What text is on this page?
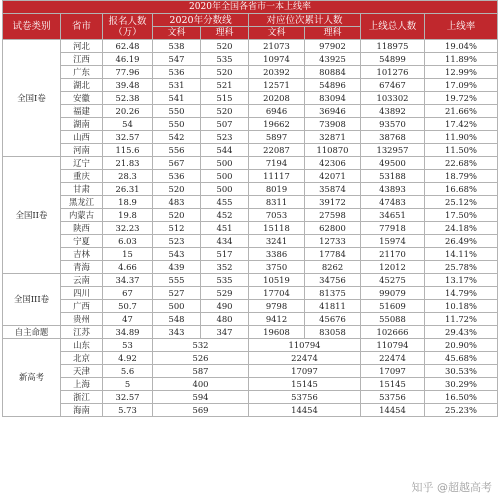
2020年全国各省市一本上线率								
试卷类别	省市	报名人数（万）	2020年分数线		对应位次累计人数		上线总人数	上线率
			文科	理科	文科	理科		
全国I卷	河北	62.48	538	520	21073	97902	118975	19.04%
	江西	46.19	547	535	10974	43925	54899	11.89%
	广东	77.96	536	520	20392	80884	101276	12.99%
	湖北	39.48	531	521	12571	54896	67467	17.09%
	安徽	52.38	541	515	20208	83094	103302	19.72%
	福建	20.26	550	520	6946	36946	43892	21.66%
	湖南	54	550	507	19662	73908	93570	17.42%
	山西	32.57	542	523	5897	32871	38768	11.90%
	河南	115.6	556	544	22087	110870	132957	11.50%
全国II卷	辽宁	21.83	567	500	7194	42306	49500	22.68%
	重庆	28.3	536	500	11117	42071	53188	18.79%
	甘肃	26.31	520	500	8019	35874	43893	16.68%
	黑龙江	18.9	483	455	8311	39172	47483	25.12%
	内蒙古	19.8	520	452	7053	27598	34651	17.50%
	陕西	32.23	512	451	15118	62800	77918	24.18%
	宁夏	6.03	523	434	3241	12733	15974	26.49%
	吉林	15	543	517	3386	17784	21170	14.11%
	青海	4.66	439	352	3750	8262	12012	25.78%
全国III卷	云南	34.37	555	535	10519	34756	45275	13.17%
	四川	67	527	529	17704	81375	99079	14.79%
	广西	50.7	500	490	9798	41811	51609	10.18%
	贵州	47	548	480	9412	45676	55088	11.72%
自主命题	江苏	34.89	343	347	19608	83058	102666	29.43%
新高考	山东	53	532		110794		110794	20.90%
	北京	4.92	526		22474		22474	45.68%
	天津	5.6	587		17097		17097	30.53%
	上海	5	400		15145		15145	30.29%
	浙江	32.57	594		53756		53756	16.50%
	海南	5.73	569		14454		14454	25.23%
知乎 @超越高考
